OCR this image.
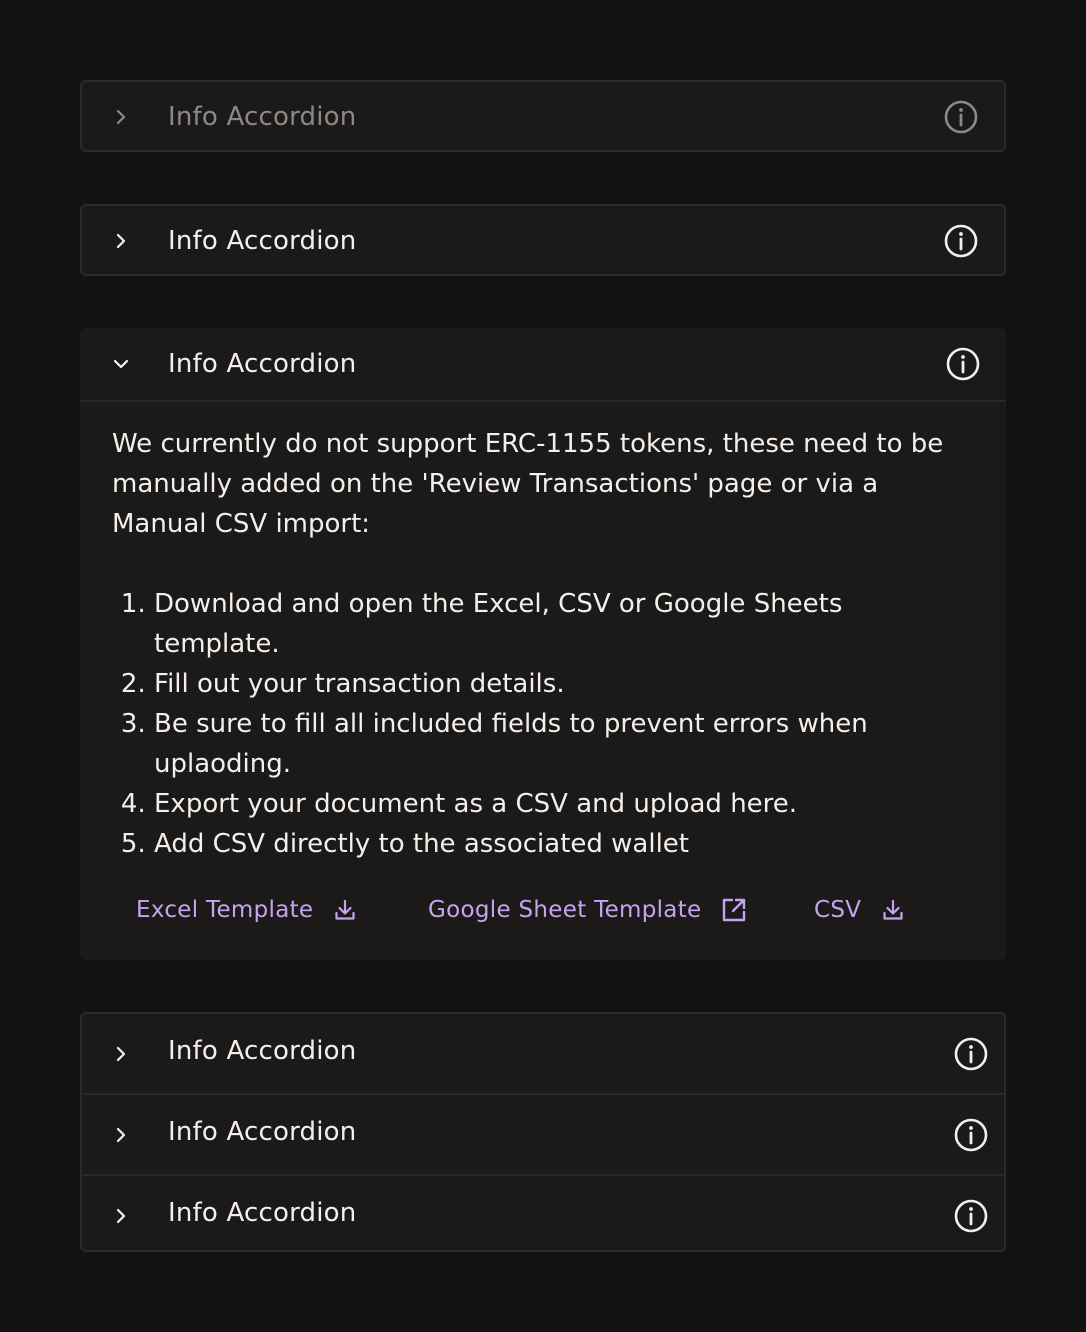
Info Accordion
Info Accordion
Info Accordion

We currently do not support ERC-1155 tokens, these need to be manually added on the 'Review Transactions' page or via a Manual CSV import:

1. Download and open the Excel, CSV or Google Sheets template.
2. Fill out your transaction details.
3. Be sure to fill all included fields to prevent errors when uplaoding.
4. Export your document as a CSV and upload here.
5. Add CSV directly to the associated wallet
Excel Template	Google Sheet Template	CSV
Info Accordion
Info Accordion
Info Accordion
